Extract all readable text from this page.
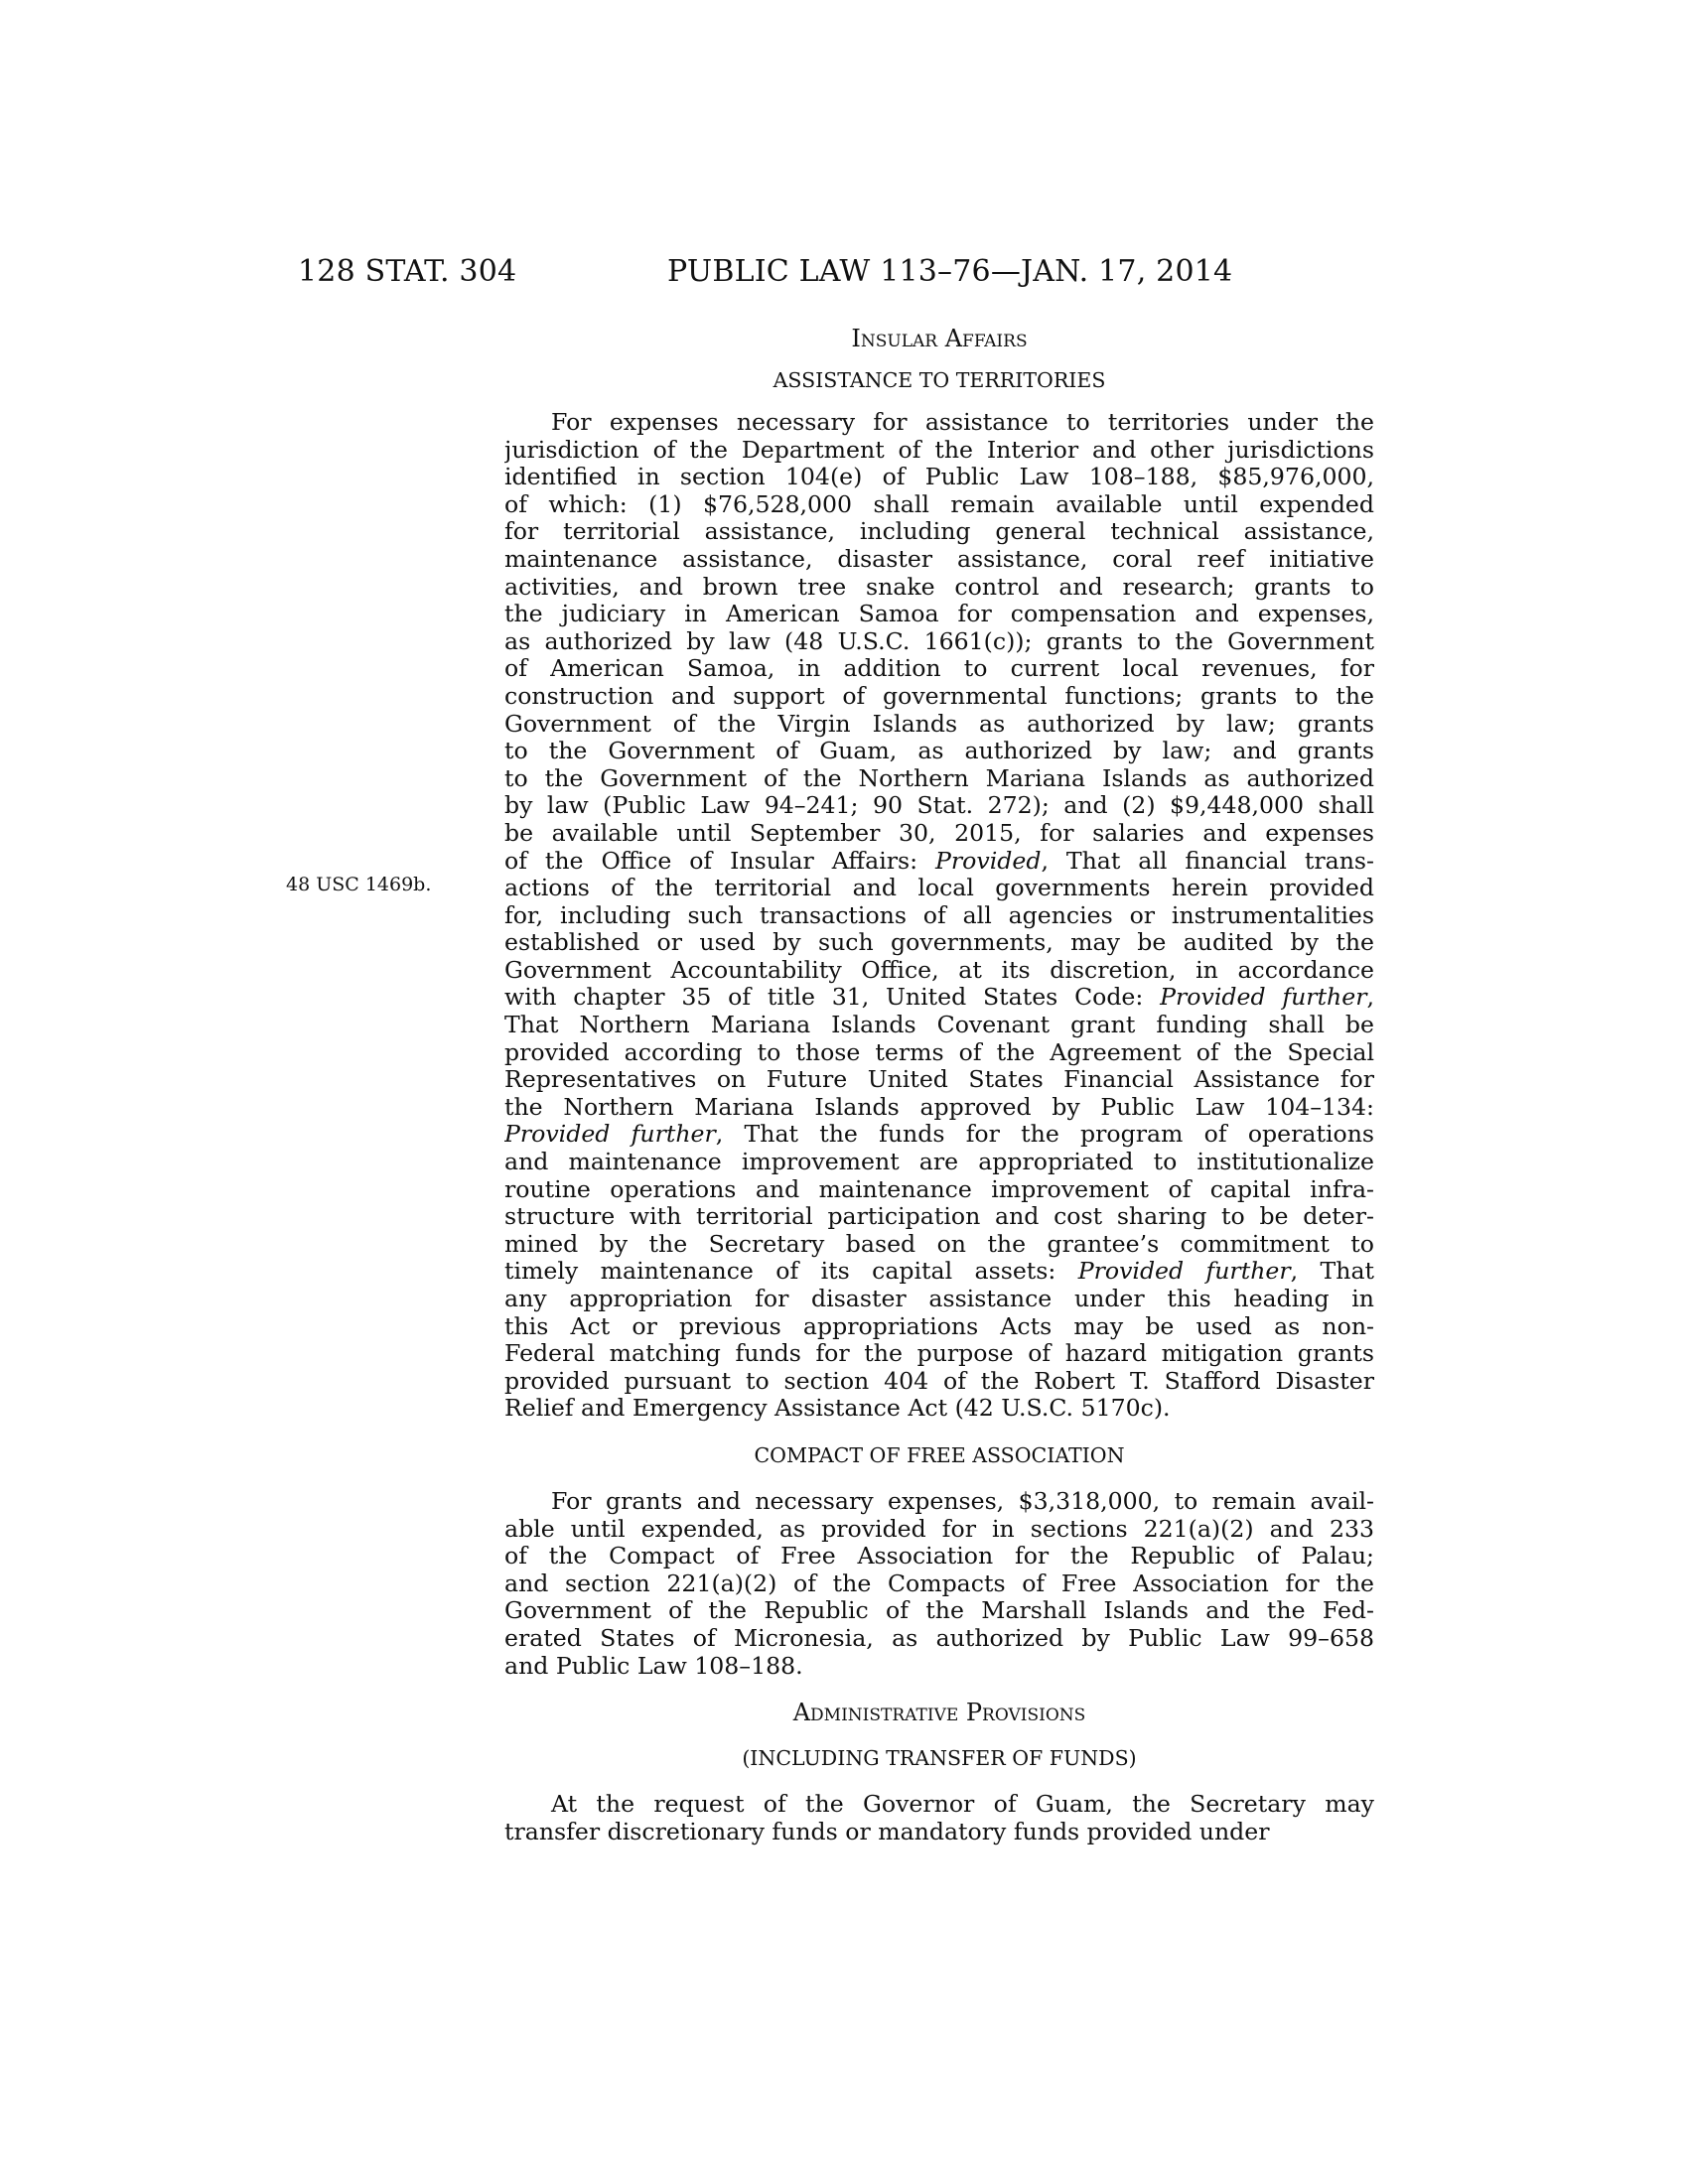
128 STAT. 304	PUBLIC LAW 113–76—JAN. 17, 2014
48 USC 1469b.

Insular Affairs

ASSISTANCE TO TERRITORIES

For expenses necessary for assistance to territories under the
jurisdiction of the Department of the Interior and other jurisdictions
identified in section 104(e) of Public Law 108–188, $85,976,000,
of which: (1) $76,528,000 shall remain available until expended
for territorial assistance, including general technical assistance,
maintenance assistance, disaster assistance, coral reef initiative
activities, and brown tree snake control and research; grants to
the judiciary in American Samoa for compensation and expenses,
as authorized by law (48 U.S.C. 1661(c)); grants to the Government
of American Samoa, in addition to current local revenues, for
construction and support of governmental functions; grants to the
Government of the Virgin Islands as authorized by law; grants
to the Government of Guam, as authorized by law; and grants
to the Government of the Northern Mariana Islands as authorized
by law (Public Law 94–241; 90 Stat. 272); and (2) $9,448,000 shall
be available until September 30, 2015, for salaries and expenses
of the Office of Insular Affairs: Provided, That all financial trans-
actions of the territorial and local governments herein provided
for, including such transactions of all agencies or instrumentalities
established or used by such governments, may be audited by the
Government Accountability Office, at its discretion, in accordance
with chapter 35 of title 31, United States Code: Provided further,
That Northern Mariana Islands Covenant grant funding shall be
provided according to those terms of the Agreement of the Special
Representatives on Future United States Financial Assistance for
the Northern Mariana Islands approved by Public Law 104–134:
Provided further, That the funds for the program of operations
and maintenance improvement are appropriated to institutionalize
routine operations and maintenance improvement of capital infra-
structure with territorial participation and cost sharing to be deter-
mined by the Secretary based on the grantee’s commitment to
timely maintenance of its capital assets: Provided further, That
any appropriation for disaster assistance under this heading in
this Act or previous appropriations Acts may be used as non-
Federal matching funds for the purpose of hazard mitigation grants
provided pursuant to section 404 of the Robert T. Stafford Disaster
Relief and Emergency Assistance Act (42 U.S.C. 5170c).

COMPACT OF FREE ASSOCIATION

For grants and necessary expenses, $3,318,000, to remain avail-
able until expended, as provided for in sections 221(a)(2) and 233
of the Compact of Free Association for the Republic of Palau;
and section 221(a)(2) of the Compacts of Free Association for the
Government of the Republic of the Marshall Islands and the Fed-
erated States of Micronesia, as authorized by Public Law 99–658
and Public Law 108–188.

Administrative Provisions

(INCLUDING TRANSFER OF FUNDS)

At the request of the Governor of Guam, the Secretary may
transfer discretionary funds or mandatory funds provided under
